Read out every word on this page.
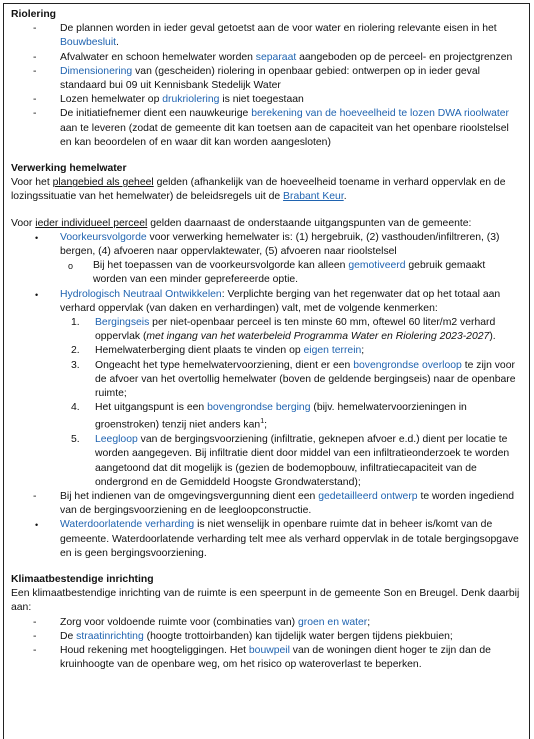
Riolering

-	De plannen worden in ieder geval getoetst aan de voor water en riolering relevante eisen in het Bouwbesluit.
-	Afvalwater en schoon hemelwater worden separaat aangeboden op de perceel- en projectgrenzen
-	Dimensionering van (gescheiden) riolering in openbaar gebied: ontwerpen op in ieder geval standaard bui 09 uit Kennisbank Stedelijk Water
-	Lozen hemelwater op drukriolering is niet toegestaan
-	De initiatiefnemer dient een nauwkeurige berekening van de hoeveelheid te lozen DWA rioolwater aan te leveren (zodat de gemeente dit kan toetsen aan de capaciteit van het openbare rioolstelsel en kan beoordelen of en waar dit kan worden aangesloten)

Verwerking hemelwater

Voor het plangebied als geheel gelden (afhankelijk van de hoeveelheid toename in verhard oppervlak en de lozingssituatie van het hemelwater) de beleidsregels uit de Brabant Keur.

Voor ieder individueel perceel gelden daarnaast de onderstaande uitgangspunten van de gemeente:

•	Voorkeursvolgorde voor verwerking hemelwater is: (1) hergebruik, (2) vasthouden/infiltreren, (3) bergen, (4) afvoeren naar oppervlaktewater, (5) afvoeren naar rioolstelsel
o	Bij het toepassen van de voorkeursvolgorde kan alleen gemotiveerd gebruik gemaakt worden van een minder geprefereerde optie.
•	Hydrologisch Neutraal Ontwikkelen: Verplichte berging van het regenwater dat op het totaal aan verhard oppervlak (van daken en verhardingen) valt, met de volgende kenmerken:
1.	Bergingseis per niet-openbaar perceel is ten minste 60 mm, oftewel 60 liter/m2 verhard oppervlak (met ingang van het waterbeleid Programma Water en Riolering 2023-2027).
2.	Hemelwaterberging dient plaats te vinden op eigen terrein;
3.	Ongeacht het type hemelwatervoorziening, dient er een bovengrondse overloop te zijn voor de afvoer van het overtollig hemelwater (boven de geldende bergingseis) naar de openbare ruimte;
4.	Het uitgangspunt is een bovengrondse berging (bijv. hemelwatervoorzieningen in groenstroken) tenzij niet anders kan$^1$;
5.	Leegloop van de bergingsvoorziening (infiltratie, geknepen afvoer e.d.) dient per locatie te worden aangegeven. Bij infiltratie dient door middel van een infiltratieonderzoek te worden aangetoond dat dit mogelijk is (gezien de bodemopbouw, infiltratiecapaciteit van de ondergrond en de Gemiddeld Hoogste Grondwaterstand);
-	Bij het indienen van de omgevingsvergunning dient een gedetailleerd ontwerp te worden ingediend van de bergingsvoorziening en de leegloopconstructie.
•	Waterdoorlatende verharding is niet wenselijk in openbare ruimte dat in beheer is/komt van de gemeente. Waterdoorlatende verharding telt mee als verhard oppervlak in de totale bergingsopgave en is geen bergingsvoorziening.

Klimaatbestendige inrichting

Een klimaatbestendige inrichting van de ruimte is een speerpunt in de gemeente Son en Breugel. Denk daarbij aan:

-	Zorg voor voldoende ruimte voor (combinaties van) groen en water;
-	De straatinrichting (hoogte trottoirbanden) kan tijdelijk water bergen tijdens piekbuien;
-	Houd rekening met hoogteliggingen. Het bouwpeil van de woningen dient hoger te zijn dan de kruinhoogte van de openbare weg, om het risico op wateroverlast te beperken.
